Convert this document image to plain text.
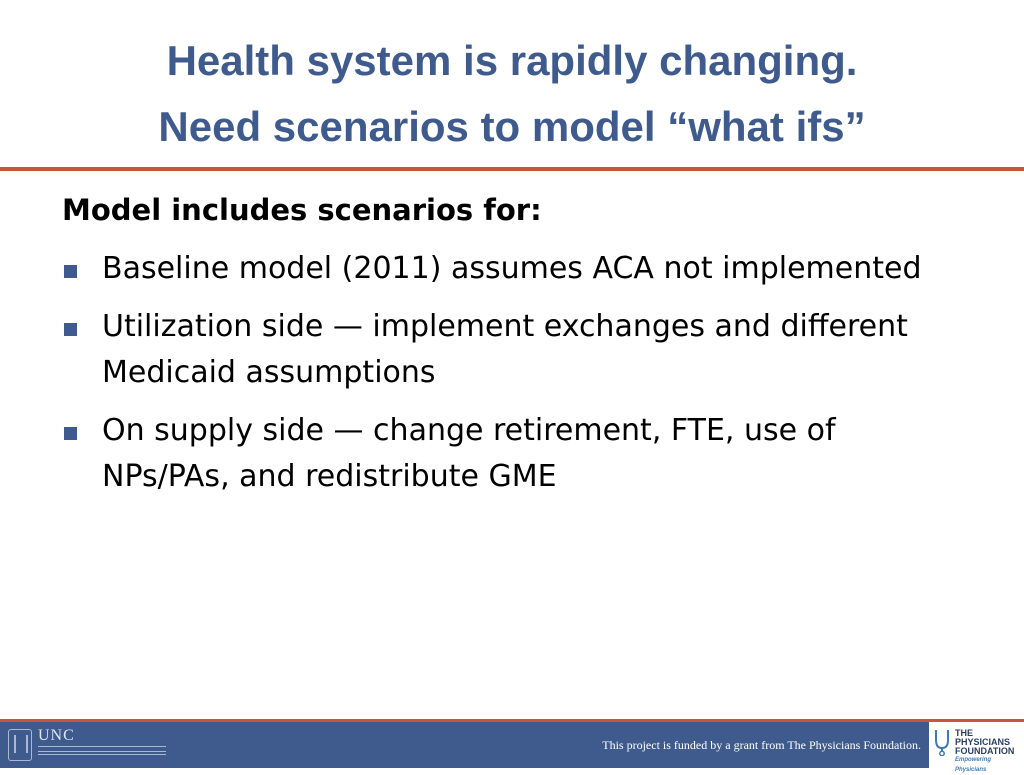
Health system is rapidly changing.
Need scenarios to model “what ifs”
Model includes scenarios for:
Baseline model (2011) assumes ACA not implemented
Utilization side — implement exchanges and different
Medicaid assumptions
On supply side — change retirement, FTE, use of
NPs/PAs, and redistribute GME
UNC
This project is funded by a grant from The Physicians Foundation.
THE
PHYSICIANS
FOUNDATION
Empowering Physicians
